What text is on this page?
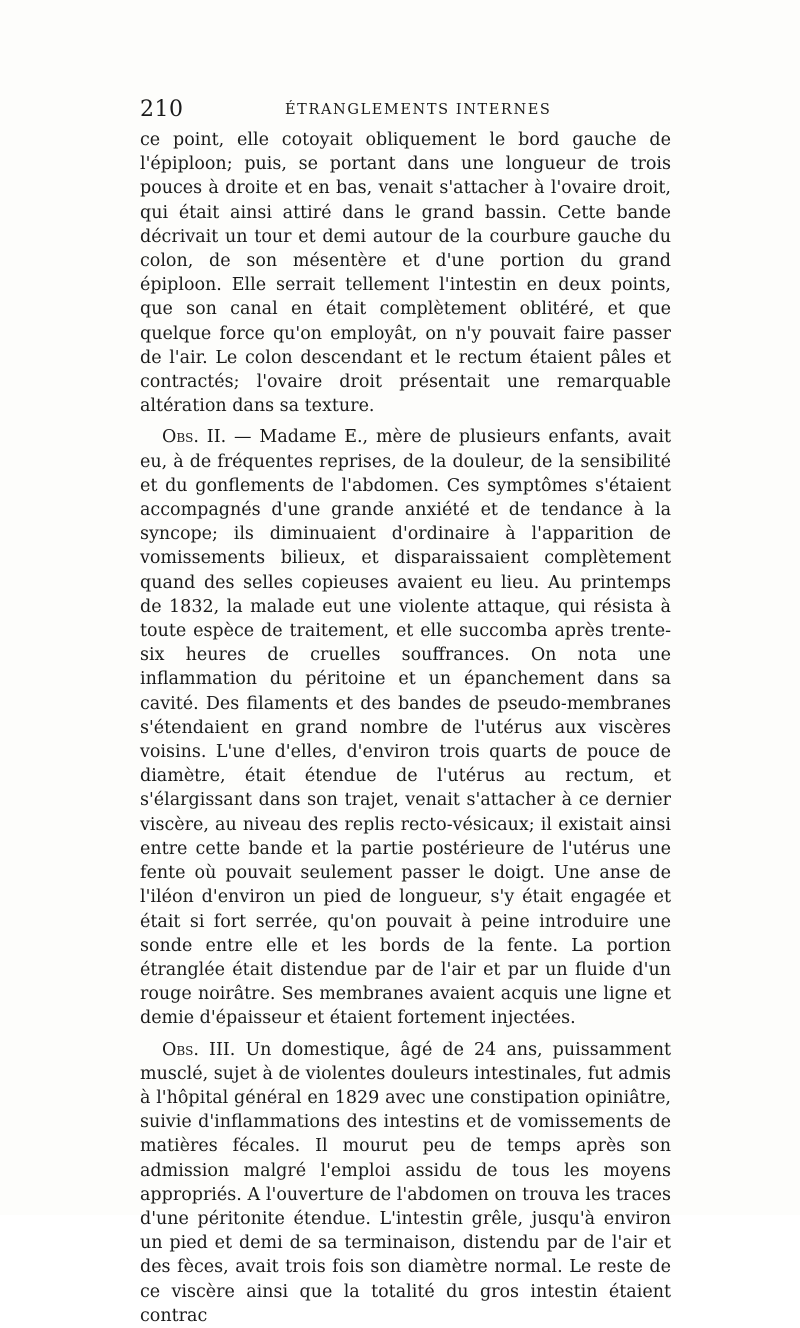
210	ÉTRANGLEMENTS INTERNES

ce point, elle cotoyait obliquement le bord gauche de l'épiploon; puis, se portant dans une longueur de trois pouces à droite et en bas, venait s'attacher à l'ovaire droit, qui était ainsi attiré dans le grand bassin. Cette bande décrivait un tour et demi autour de la courbure gauche du colon, de son mésentère et d'une portion du grand épiploon. Elle serrait tellement l'intestin en deux points, que son canal en était complètement oblitéré, et que quelque force qu'on employât, on n'y pouvait faire passer de l'air. Le colon descendant et le rectum étaient pâles et contractés; l'ovaire droit présentait une remarquable altération dans sa texture.

Obs. II. — Madame E., mère de plusieurs enfants, avait eu, à de fréquentes reprises, de la douleur, de la sensibilité et du gonflements de l'abdomen. Ces symptômes s'étaient accompagnés d'une grande anxiété et de tendance à la syncope; ils diminuaient d'ordinaire à l'apparition de vomissements bilieux, et disparaissaient complètement quand des selles copieuses avaient eu lieu. Au printemps de 1832, la malade eut une violente attaque, qui résista à toute espèce de traitement, et elle succomba après trente-six heures de cruelles souffrances. On nota une inflammation du péritoine et un épanchement dans sa cavité. Des filaments et des bandes de pseudo-membranes s'étendaient en grand nombre de l'utérus aux viscères voisins. L'une d'elles, d'environ trois quarts de pouce de diamètre, était étendue de l'utérus au rectum, et s'élargissant dans son trajet, venait s'attacher à ce dernier viscère, au niveau des replis recto-vésicaux; il existait ainsi entre cette bande et la partie postérieure de l'utérus une fente où pouvait seulement passer le doigt. Une anse de l'iléon d'environ un pied de longueur, s'y était engagée et était si fort serrée, qu'on pouvait à peine introduire une sonde entre elle et les bords de la fente. La portion étranglée était distendue par de l'air et par un fluide d'un rouge noirâtre. Ses membranes avaient acquis une ligne et demie d'épaisseur et étaient fortement injectées.

Obs. III. Un domestique, âgé de 24 ans, puissamment musclé, sujet à de violentes douleurs intestinales, fut admis à l'hôpital général en 1829 avec une constipation opiniâtre, suivie d'inflammations des intestins et de vomissements de matières fécales. Il mourut peu de temps après son admission malgré l'emploi assidu de tous les moyens appropriés. A l'ouverture de l'abdomen on trouva les traces d'une péritonite étendue. L'intestin grêle, jusqu'à environ un pied et demi de sa terminaison, distendu par de l'air et des fèces, avait trois fois son diamètre normal. Le reste de ce viscère ainsi que la totalité du gros intestin étaient contrac
